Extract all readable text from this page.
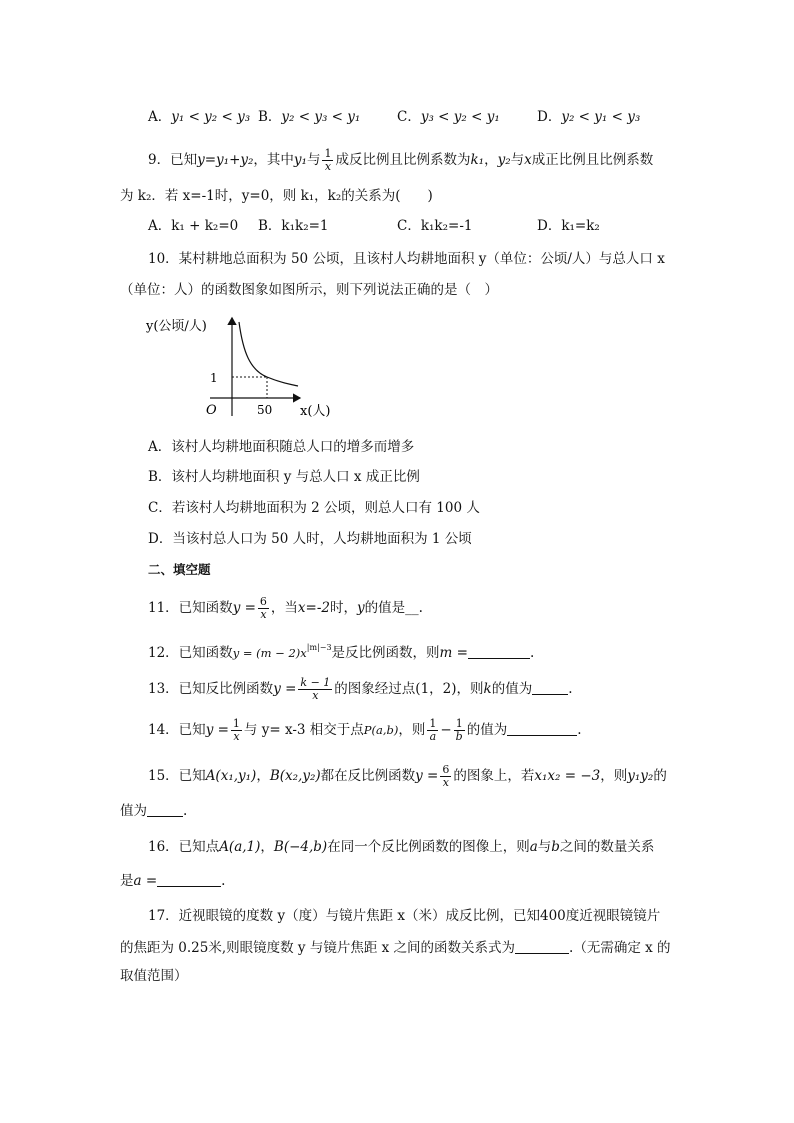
A．y₁ < y₂ < y₃ B．y₂ < y₃ < y₁	C．y₃ < y₂ < y₁	D．y₂ < y₁ < y₃
9．已知y=y₁+y₂，其中y₁与 $\frac{1}{x}$ 成反比例且比例系数为k₁，y₂与x成正比例且比例系数
为 k₂．若 x=-1时，y=0，则 k₁，k₂的关系为(　　)
A．k₁ + k₂=0 B．k₁k₂=1	C．k₁k₂=-1	D．k₁=k₂
10．某村耕地总面积为 50 公顷，且该村人均耕地面积 y（单位：公顷/人）与总人口 x
（单位：人）的函数图象如图所示，则下列说法正确的是（　）
y(公顷/人)
x(人)
O
1
50
A．该村人均耕地面积随总人口的增多而增多
B．该村人均耕地面积 y 与总人口 x 成正比例
C．若该村人均耕地面积为 2 公顷，则总人口有 100 人
D．当该村总人口为 50 人时，人均耕地面积为 1 公顷
二、填空题
11．已知函数$y = \frac{6}{x}$ ，当x=-2时，y的值是__.
12．已知函数$y = (m - 2)x^{|m|-3}$是反比例函数，则m =	.
13．已知反比例函数$y = \frac{k - 1}{x}$ 的图象经过点(1，2)，则k的值为	.
14．已知$y = \frac{1}{x}$ 与 y= x-3 相交于点P(a,b)，则 $\frac{1}{a} - \frac{1}{b}$ 的值为	.
15．已知A(x₁,y₁)，B(x₂,y₂)都在反比例函数$y = \frac{6}{x}$ 的图象上，若x₁x₂ = −3，则y₁y₂的
值为	.
16．已知点A(a,1)，B(−4,b)在同一个反比例函数的图像上，则a与b之间的数量关系
是a =	.
17．近视眼镜的度数 y（度）与镜片焦距 x（米）成反比例，已知400度近视眼镜镜片
的焦距为 0.25米,则眼镜度数 y 与镜片焦距 x 之间的函数关系式为	.（无需确定 x 的
取值范围）
